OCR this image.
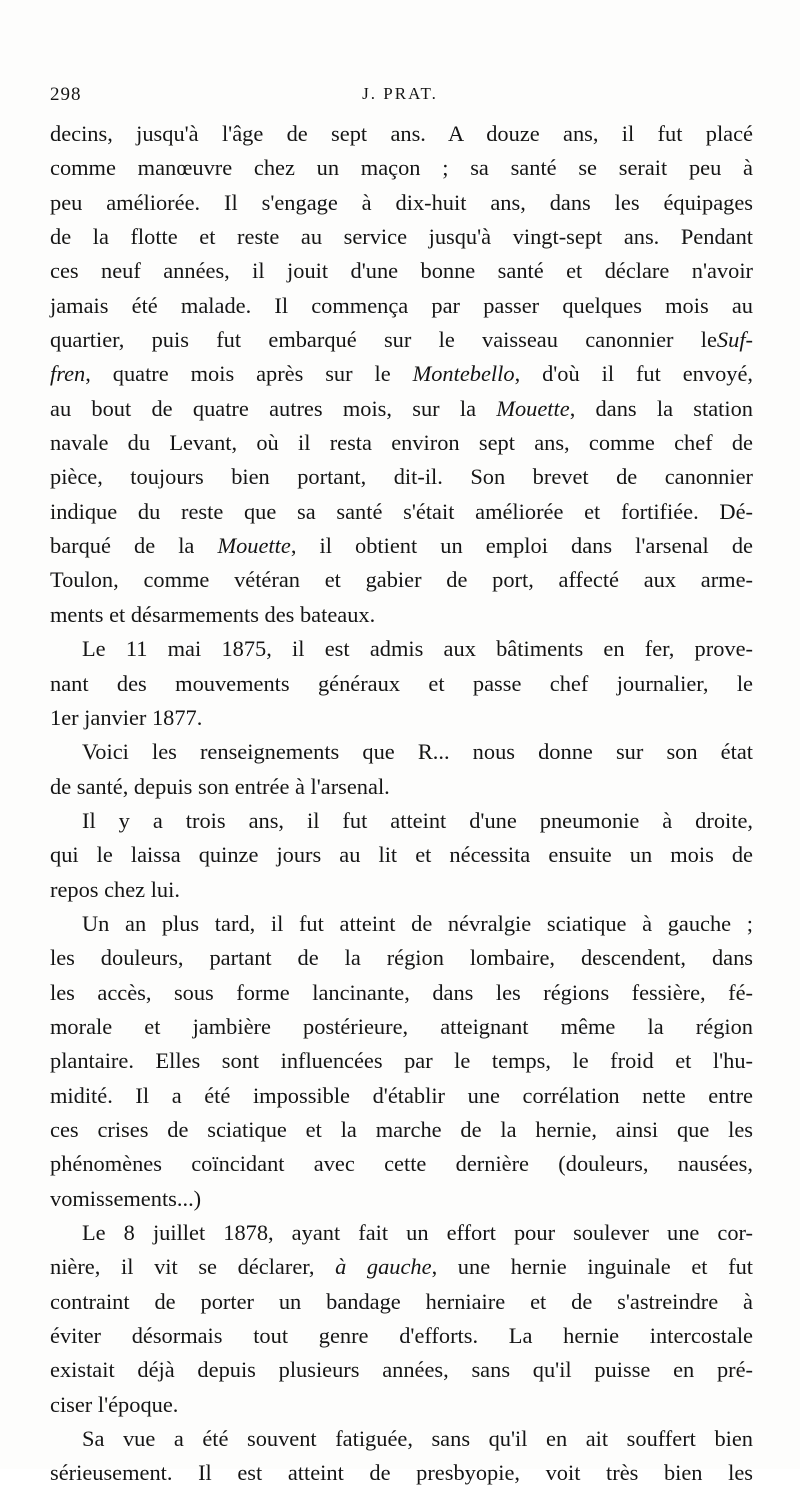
298	J. PRAT.
decins, jusqu'à l'âge de sept ans. A douze ans, il fut placé
comme manœuvre chez un maçon ; sa santé se serait peu à
peu améliorée. Il s'engage à dix-huit ans, dans les équipages
de la flotte et reste au service jusqu'à vingt-sept ans. Pendant
ces neuf années, il jouit d'une bonne santé et déclare n'avoir
jamais été malade. Il commença par passer quelques mois au
quartier, puis fut embarqué sur le vaisseau canonnier leSuf-
fren, quatre mois après sur le Montebello, d'où il fut envoyé,
au bout de quatre autres mois, sur la Mouette, dans la station
navale du Levant, où il resta environ sept ans, comme chef de
pièce, toujours bien portant, dit-il. Son brevet de canonnier
indique du reste que sa santé s'était améliorée et fortifiée. Dé-
barqué de la Mouette, il obtient un emploi dans l'arsenal de
Toulon, comme vétéran et gabier de port, affecté aux arme-
ments et désarmements des bateaux.
Le 11 mai 1875, il est admis aux bâtiments en fer, prove-
nant des mouvements généraux et passe chef journalier, le
1er janvier 1877.
Voici les renseignements que R... nous donne sur son état
de santé, depuis son entrée à l'arsenal.
Il y a trois ans, il fut atteint d'une pneumonie à droite,
qui le laissa quinze jours au lit et nécessita ensuite un mois de
repos chez lui.
Un an plus tard, il fut atteint de névralgie sciatique à gauche ;
les douleurs, partant de la région lombaire, descendent, dans
les accès, sous forme lancinante, dans les régions fessière, fé-
morale et jambière postérieure, atteignant même la région
plantaire. Elles sont influencées par le temps, le froid et l'hu-
midité. Il a été impossible d'établir une corrélation nette entre
ces crises de sciatique et la marche de la hernie, ainsi que les
phénomènes coïncidant avec cette dernière (douleurs, nausées,
vomissements...)
Le 8 juillet 1878, ayant fait un effort pour soulever une cor-
nière, il vit se déclarer, à gauche, une hernie inguinale et fut
contraint de porter un bandage herniaire et de s'astreindre à
éviter désormais tout genre d'efforts. La hernie intercostale
existait déjà depuis plusieurs années, sans qu'il puisse en pré-
ciser l'époque.
Sa vue a été souvent fatiguée, sans qu'il en ait souffert bien
sérieusement. Il est atteint de presbyopie, voit très bien les
